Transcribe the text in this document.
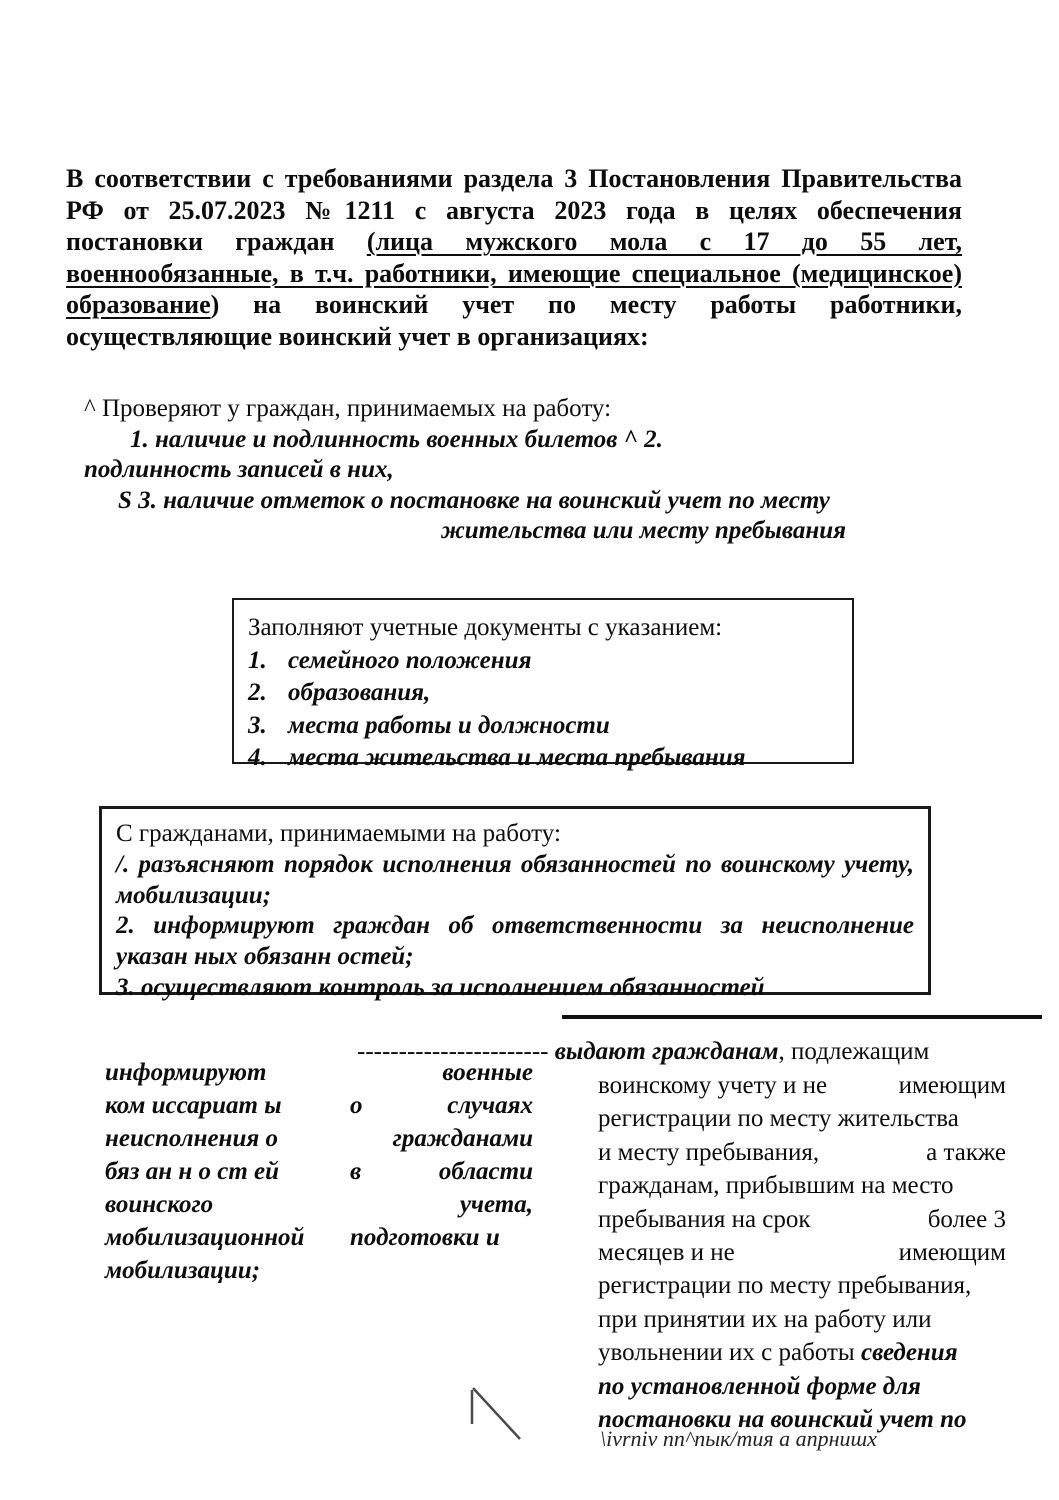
В соответствии с требованиями раздела 3 Постановления Правительства
РФ от 25.07.2023 №1211 с августа 2023 года в целях обеспечения
постановки граждан (лица мужского мола с 17 до 55 лет,
военнообязанные, в т.ч. работники, имеющие специальное (медицинское)
образование) на воинский учет по месту работы работники,
осуществляющие воинский учет в организациях:
^ Проверяют у граждан, принимаемых на работу:
1. наличие и подлинность военных билетов ^ 2.
подлинность записей в них,
S 3. наличие отметок о постановке на воинский учет по месту
жительства или месту пребывания
Заполняют учетные документы с указанием:
1. семейного положения
2. образования,
3. места работы и должности
4. места жительства и места пребывания
С гражданами, принимаемыми на работу:
/. разъясняют порядок исполнения обязанностей по воинскому учету,
мобилизации;
2. информируют граждан об ответственности за неисполнение
указан ных обязанн остей;
3. осуществляют контроль за исполнением обязанностей
информируют
ком иссариат ы
неисполнения о
бяз ан н о ст ей
воинского
мобилизационной
мобилизации;
военные
о	случаях
гражданами
в	области
учета,
подготовки и
----------------------- выдают гражданам, подлежащим
воинскому учету и не	имеющим
регистрации по месту жительства
и месту пребывания,	а также
гражданам, прибывшим на место
пребывания на срок	более 3
месяцев и не	имеющим
регистрации по месту пребывания,
при принятии их на работу или
увольнении их с работы сведения
по установленной форме для
постановки на воинский учет по
\ivrniv nn^пык/тия а апрнишх
